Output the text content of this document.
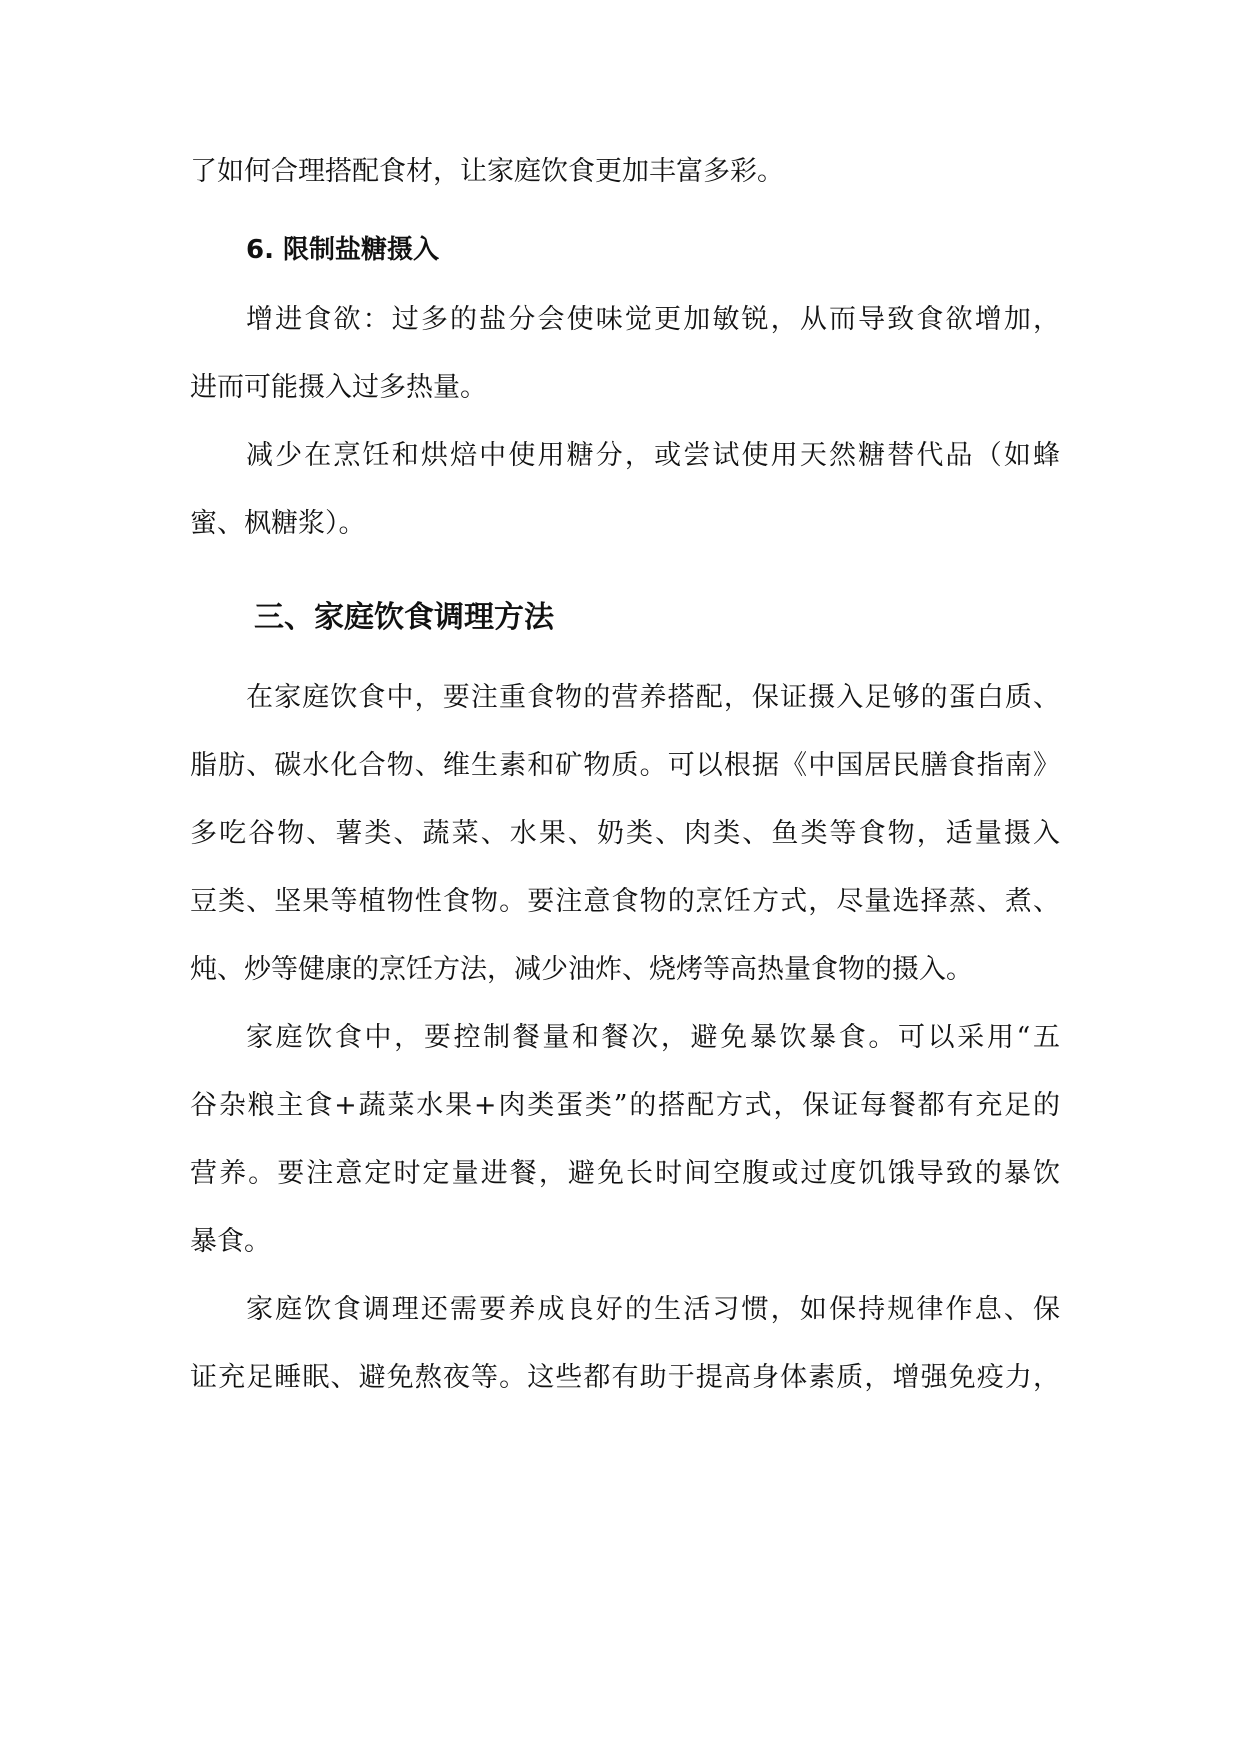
了如何合理搭配食材，让家庭饮食更加丰富多彩。
6. 限制盐糖摄入
增进食欲：过多的盐分会使味觉更加敏锐，从而导致食欲增加，
进而可能摄入过多热量。
减少在烹饪和烘焙中使用糖分，或尝试使用天然糖替代品（如蜂
蜜、枫糖浆）。
三、家庭饮食调理方法
在家庭饮食中，要注重食物的营养搭配，保证摄入足够的蛋白质、
脂肪、碳水化合物、维生素和矿物质。可以根据《中国居民膳食指南》
多吃谷物、薯类、蔬菜、水果、奶类、肉类、鱼类等食物，适量摄入
豆类、坚果等植物性食物。要注意食物的烹饪方式，尽量选择蒸、煮、
炖、炒等健康的烹饪方法，减少油炸、烧烤等高热量食物的摄入。
家庭饮食中，要控制餐量和餐次，避免暴饮暴食。可以采用“五
谷杂粮主食+蔬菜水果+肉类蛋类”的搭配方式，保证每餐都有充足的
营养。要注意定时定量进餐，避免长时间空腹或过度饥饿导致的暴饮
暴食。
家庭饮食调理还需要养成良好的生活习惯，如保持规律作息、保
证充足睡眠、避免熬夜等。这些都有助于提高身体素质，增强免疫力，
